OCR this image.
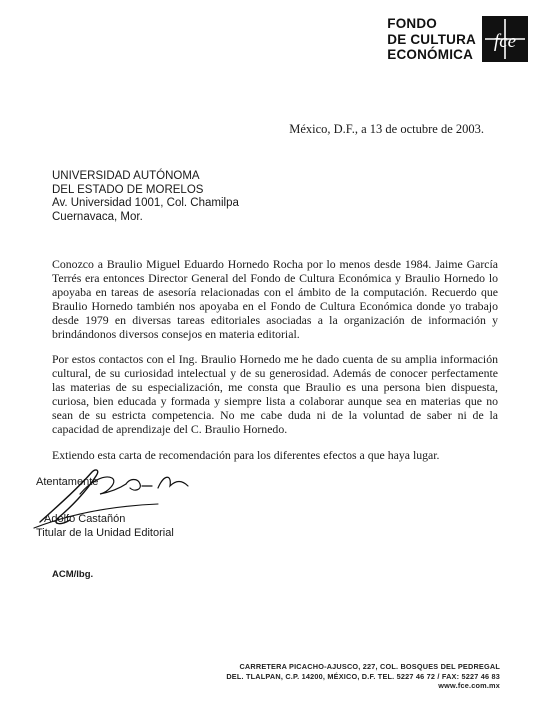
FONDO
DE CULTURA
ECONÓMICA
fce
México, D.F., a 13 de octubre de 2003.
UNIVERSIDAD AUTÓNOMA
DEL ESTADO DE MORELOS
Av. Universidad 1001, Col. Chamilpa
Cuernavaca, Mor.

Conozco a Braulio Miguel Eduardo Hornedo Rocha por lo menos desde 1984. Jaime García Terrés era entonces Director General del Fondo de Cultura Económica y Braulio Hornedo lo apoyaba en tareas de asesoría relacionadas con el ámbito de la computación. Recuerdo que Braulio Hornedo también nos apoyaba en el Fondo de Cultura Económica donde yo trabajo desde 1979 en diversas tareas editoriales asociadas a la organización de información y brindándonos diversos consejos en materia editorial.

Por estos contactos con el Ing. Braulio Hornedo me he dado cuenta de su amplia información cultural, de su curiosidad intelectual y de su generosidad. Además de conocer perfectamente las materias de su especialización, me consta que Braulio es una persona bien dispuesta, curiosa, bien educada y formada y siempre lista a colaborar aunque sea en materias que no sean de su estricta competencia. No me cabe duda ni de la voluntad de saber ni de la capacidad de aprendizaje del C. Braulio Hornedo.

Extiendo esta carta de recomendación para los diferentes efectos a que haya lugar.

Atentamente
Adolfo Castañón
Titular de la Unidad Editorial
ACM/lbg.
CARRETERA PICACHO-AJUSCO, 227, COL. BOSQUES DEL PEDREGAL
DEL. TLALPAN, C.P. 14200, MÉXICO, D.F. TEL. 5227 46 72 / FAX: 5227 46 83
www.fce.com.mx
